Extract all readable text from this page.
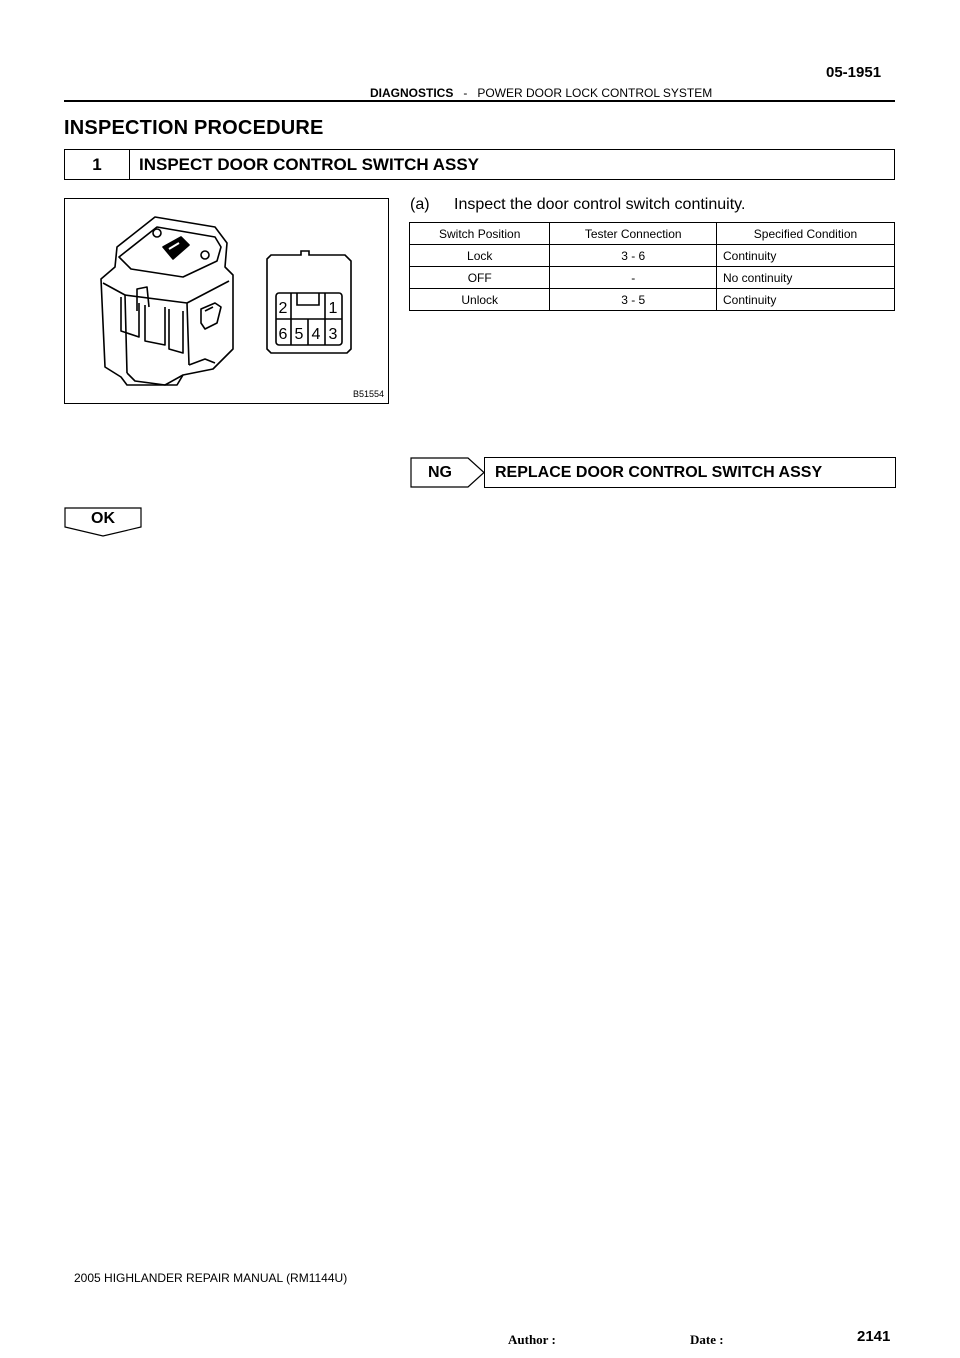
05-1951
DIAGNOSTICS - POWER DOOR LOCK CONTROL SYSTEM
INSPECTION PROCEDURE
1	INSPECT DOOR CONTROL SWITCH ASSY
2	1
6 5 4 3
B51554
(a) Inspect the door control switch continuity.
Switch Position	Tester Connection	Specified Condition
Lock	3 - 6	Continuity
OFF	-	No continuity
Unlock	3 - 5	Continuity
NG	REPLACE DOOR CONTROL SWITCH ASSY
OK
2005 HIGHLANDER REPAIR MANUAL (RM1144U)
Author :	Date :	2141
